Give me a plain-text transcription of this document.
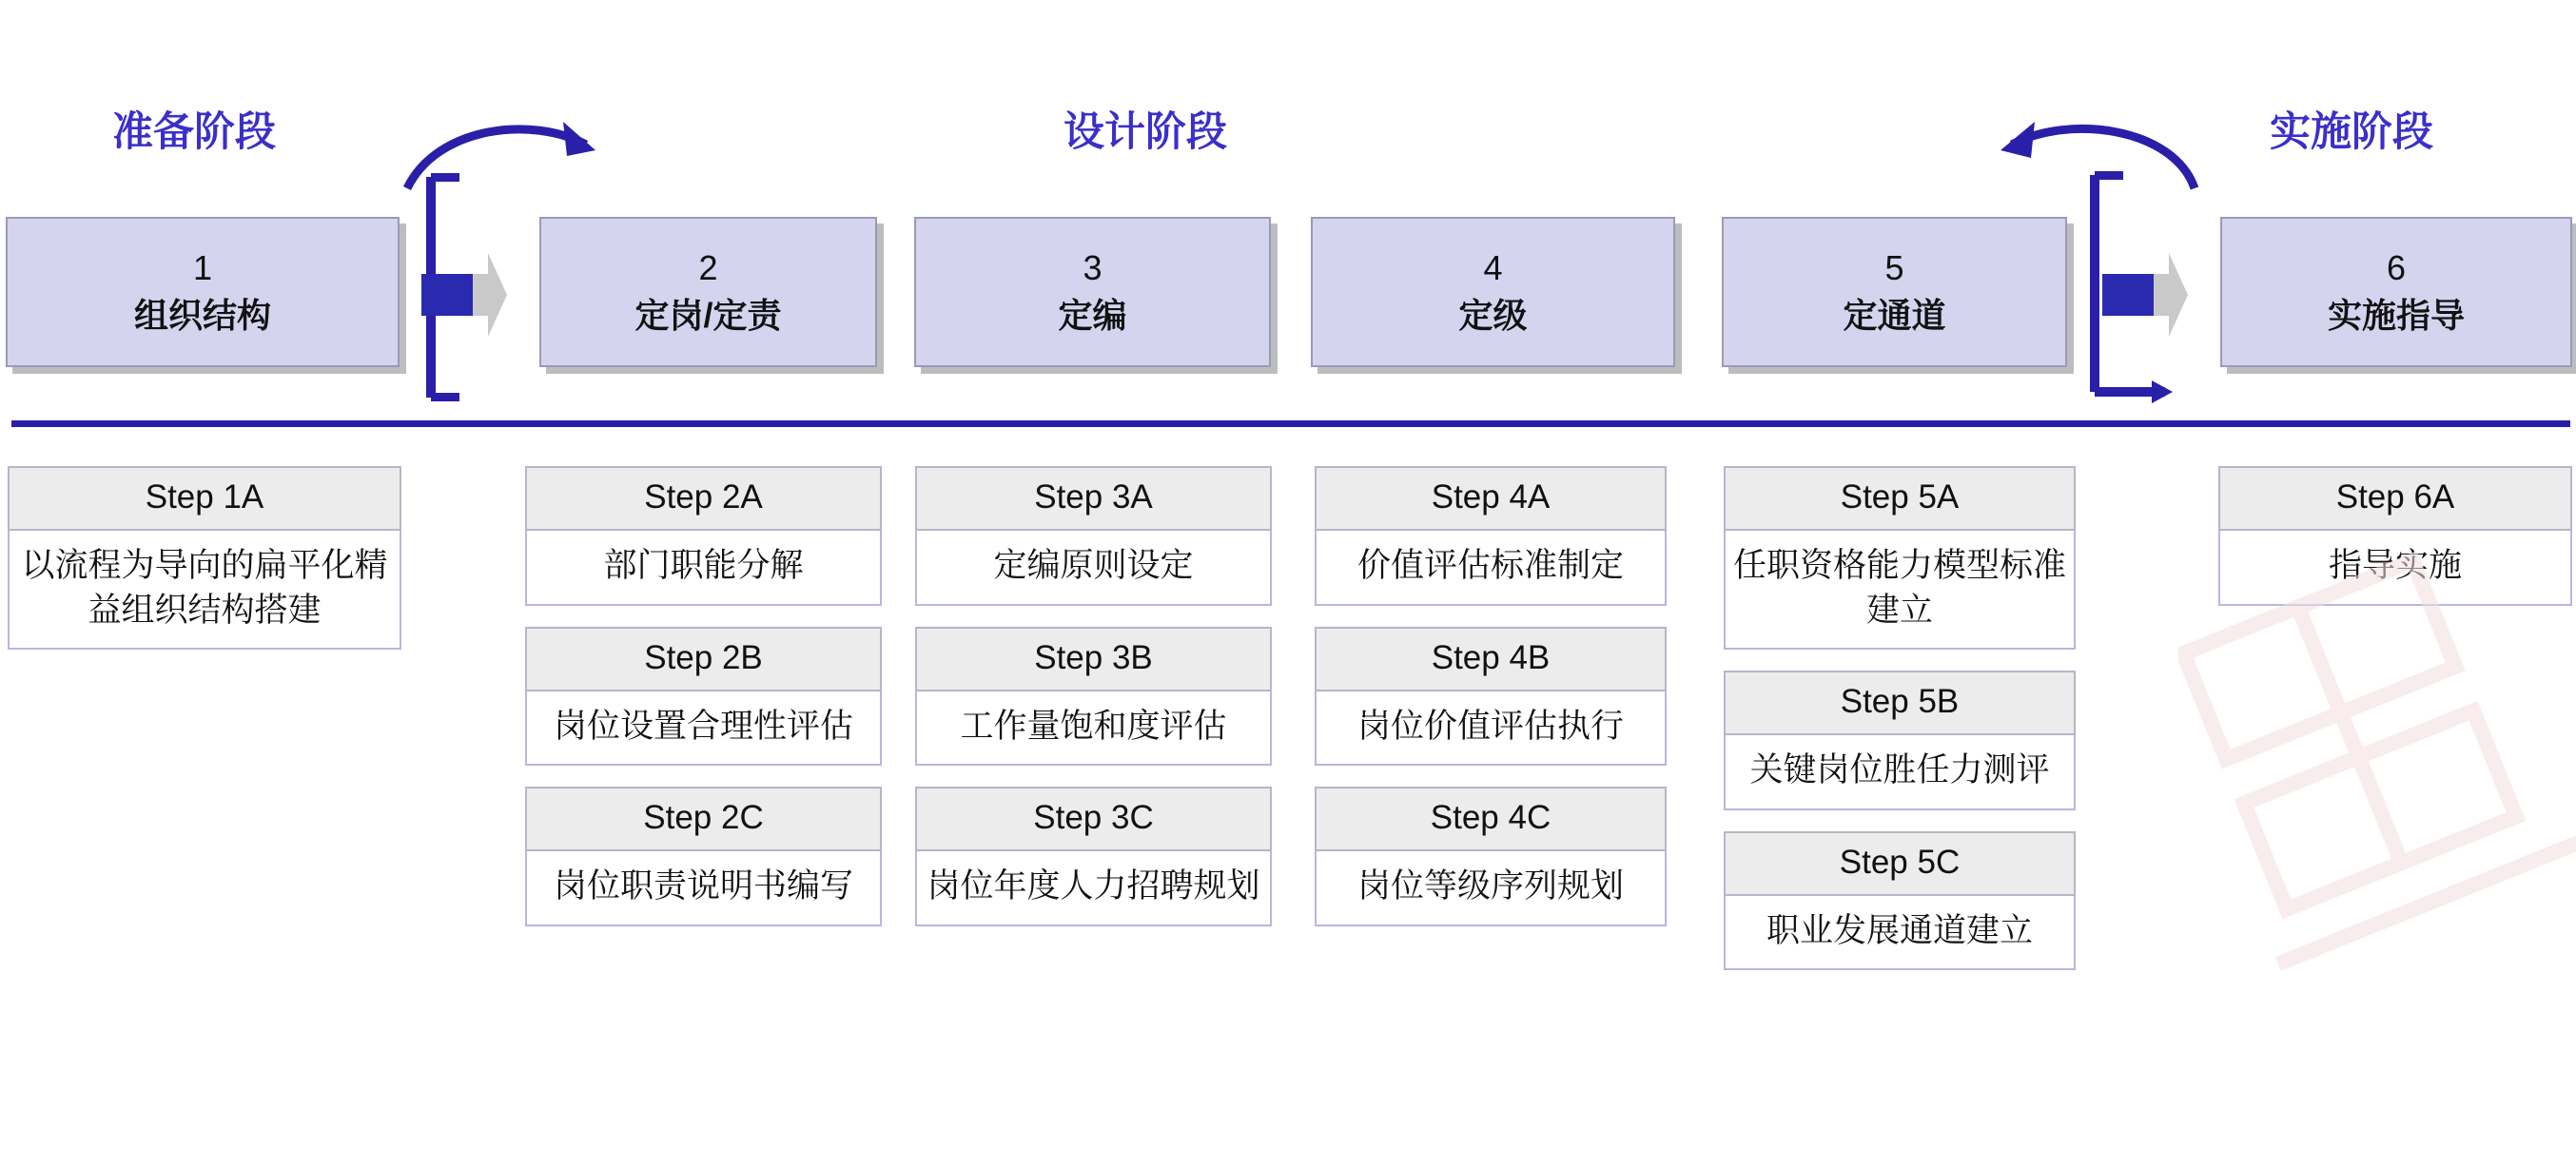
准备阶段	设计阶段	实施阶段
1
组织结构
2
定岗/定责
3
定编
4
定级
5
定通道
6
实施指导
Step 1A
以流程为导向的扁平化精益组织结构搭建
Step 2A
部门职能分解
Step 2B
岗位设置合理性评估
Step 2C
岗位职责说明书编写
Step 3A
定编原则设定
Step 3B
工作量饱和度评估
Step 3C
岗位年度人力招聘规划
Step 4A
价值评估标准制定
Step 4B
岗位价值评估执行
Step 4C
岗位等级序列规划
Step 5A
任职资格能力模型标准建立
Step 5B
关键岗位胜任力测评
Step 5C
职业发展通道建立
Step 6A
指导实施
